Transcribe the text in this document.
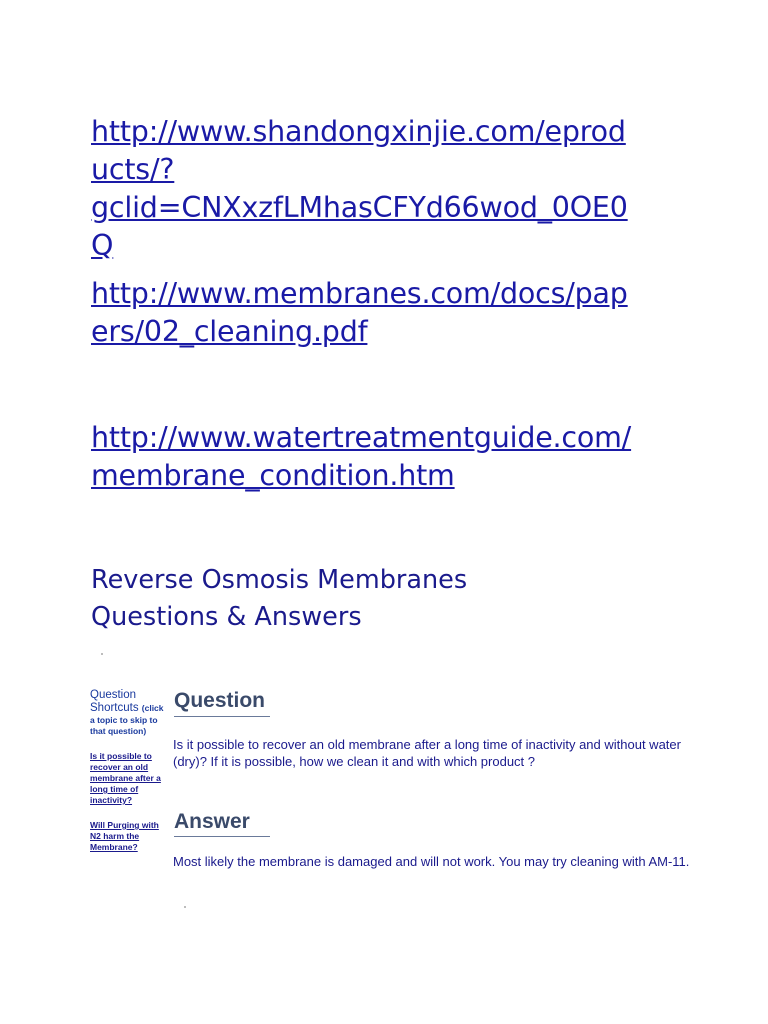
http://www.shandongxinjie.com/eprod
ucts/?
gclid=CNXxzfLMhasCFYd66wod_0OE0
Q
http://www.membranes.com/docs/pap
ers/02_cleaning.pdf
http://www.watertreatmentguide.com/
membrane_condition.htm
Reverse Osmosis Membranes
Questions & Answers
Question
Shortcuts (click
a topic to skip to
that question)
Is it possible to
recover an old
membrane after a
long time of
inactivity?
Will Purging with
N2 harm the
Membrane?
Question
Is it possible to recover an old membrane after a long time of inactivity and without water (dry)? If it is possible, how we clean it and with which product ?
Answer
Most likely the membrane is damaged and will not work. You may try cleaning with AM-11.
